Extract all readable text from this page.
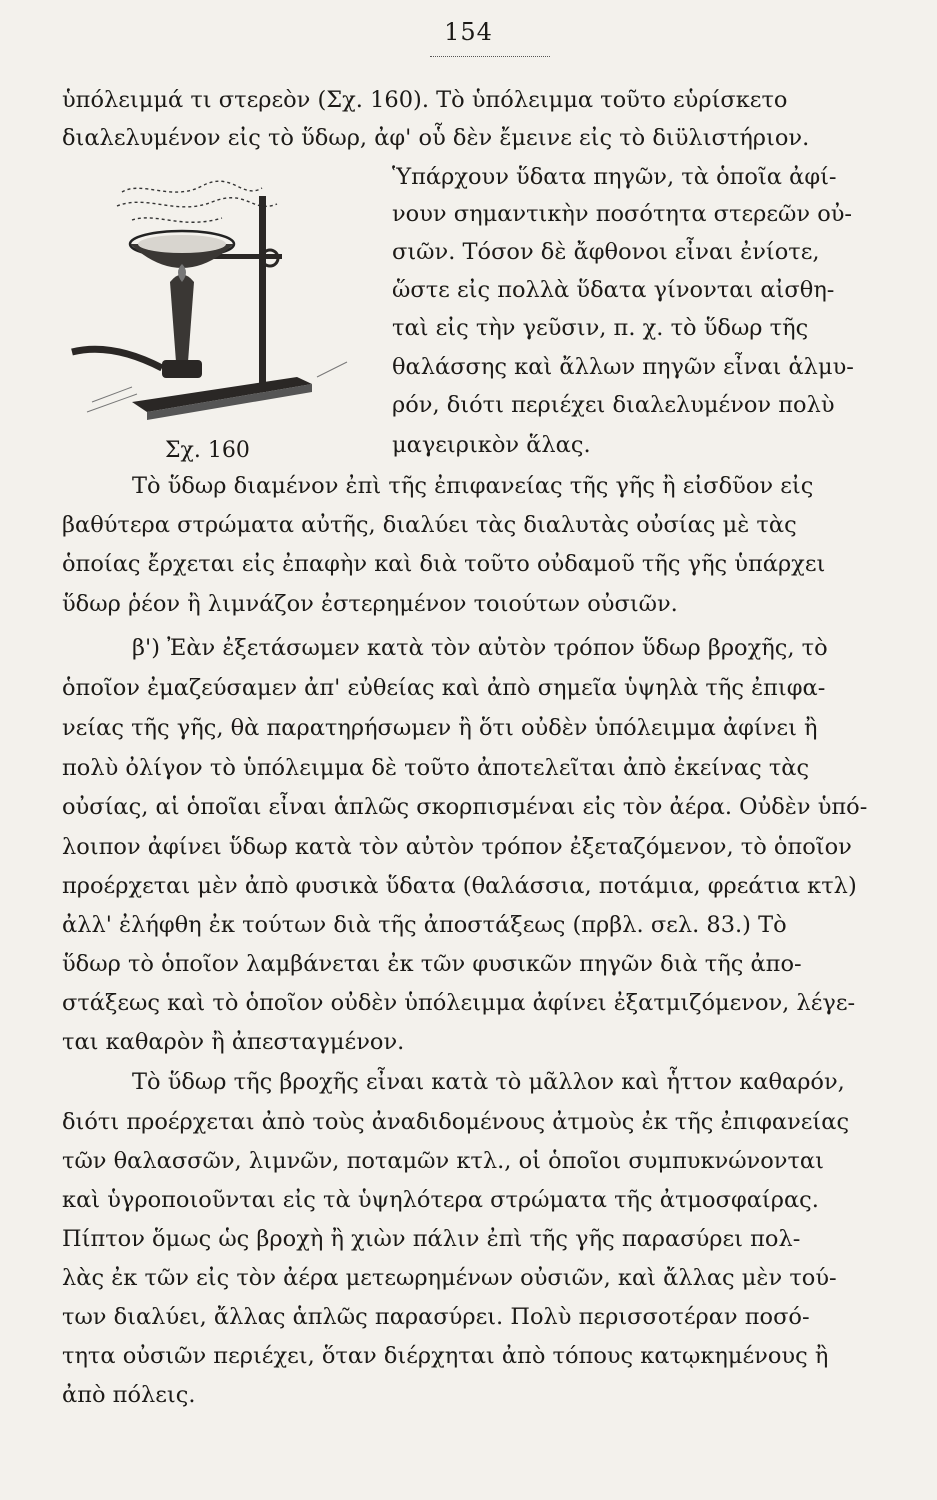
154
Σχ. 160
ὑπόλειμμά τι στερεὸν (Σχ. 160). Τὸ ὑπόλειμμα τοῦτο εὑρίσκετο
διαλελυμένον εἰς τὸ ὕδωρ, ἀφ' οὗ δὲν ἔμεινε εἰς τὸ διϋλιστήριον.
Ὑπάρχουν ὕδατα πηγῶν, τὰ ὁποῖα ἀφί-
νουν σημαντικὴν ποσότητα στερεῶν οὐ-
σιῶν. Τόσον δὲ ἄφθονοι εἶναι ἐνίοτε,
ὥστε εἰς πολλὰ ὕδατα γίνονται αἰσθη-
ταὶ εἰς τὴν γεῦσιν, π. χ. τὸ ὕδωρ τῆς
θαλάσσης καὶ ἄλλων πηγῶν εἶναι ἁλμυ-
ρόν, διότι περιέχει διαλελυμένον πολὺ
μαγειρικὸν ἅλας.
Τὸ ὕδωρ διαμένον ἐπὶ τῆς ἐπιφανείας τῆς γῆς ἢ εἰσδῦον εἰς
βαθύτερα στρώματα αὐτῆς, διαλύει τὰς διαλυτὰς οὐσίας μὲ τὰς
ὁποίας ἔρχεται εἰς ἐπαφὴν καὶ διὰ τοῦτο οὐδαμοῦ τῆς γῆς ὑπάρχει
ὕδωρ ῥέον ἢ λιμνάζον ἐστερημένον τοιούτων οὐσιῶν.
β') Ἐὰν ἐξετάσωμεν κατὰ τὸν αὐτὸν τρόπον ὕδωρ βροχῆς, τὸ
ὁποῖον ἐμαζεύσαμεν ἀπ' εὐθείας καὶ ἀπὸ σημεῖα ὑψηλὰ τῆς ἐπιφα-
νείας τῆς γῆς, θὰ παρατηρήσωμεν ἢ ὅτι οὐδὲν ὑπόλειμμα ἀφίνει ἢ
πολὺ ὀλίγον τὸ ὑπόλειμμα δὲ τοῦτο ἀποτελεῖται ἀπὸ ἐκείνας τὰς
οὐσίας, αἱ ὁποῖαι εἶναι ἁπλῶς σκορπισμέναι εἰς τὸν ἀέρα. Οὐδὲν ὑπό-
λοιπον ἀφίνει ὕδωρ κατὰ τὸν αὐτὸν τρόπον ἐξεταζόμενον, τὸ ὁποῖον
προέρχεται μὲν ἀπὸ φυσικὰ ὕδατα (θαλάσσια, ποτάμια, φρεάτια κτλ)
ἀλλ' ἐλήφθη ἐκ τούτων διὰ τῆς ἀποστάξεως (πρβλ. σελ. 83.) Τὸ
ὕδωρ τὸ ὁποῖον λαμβάνεται ἐκ τῶν φυσικῶν πηγῶν διὰ τῆς ἀπο-
στάξεως καὶ τὸ ὁποῖον οὐδὲν ὑπόλειμμα ἀφίνει ἐξατμιζόμενον, λέγε-
ται καθαρὸν ἢ ἀπεσταγμένον.
Τὸ ὕδωρ τῆς βροχῆς εἶναι κατὰ τὸ μᾶλλον καὶ ἧττον καθαρόν,
διότι προέρχεται ἀπὸ τοὺς ἀναδιδομένους ἀτμοὺς ἐκ τῆς ἐπιφανείας
τῶν θαλασσῶν, λιμνῶν, ποταμῶν κτλ., οἱ ὁποῖοι συμπυκνώνονται
καὶ ὑγροποιοῦνται εἰς τὰ ὑψηλότερα στρώματα τῆς ἀτμοσφαίρας.
Πίπτον ὅμως ὡς βροχὴ ἢ χιὼν πάλιν ἐπὶ τῆς γῆς παρασύρει πολ-
λὰς ἐκ τῶν εἰς τὸν ἀέρα μετεωρημένων οὐσιῶν, καὶ ἄλλας μὲν τού-
των διαλύει, ἄλλας ἁπλῶς παρασύρει. Πολὺ περισσοτέραν ποσό-
τητα οὐσιῶν περιέχει, ὅταν διέρχηται ἀπὸ τόπους κατῳκημένους ἢ
ἀπὸ πόλεις.
